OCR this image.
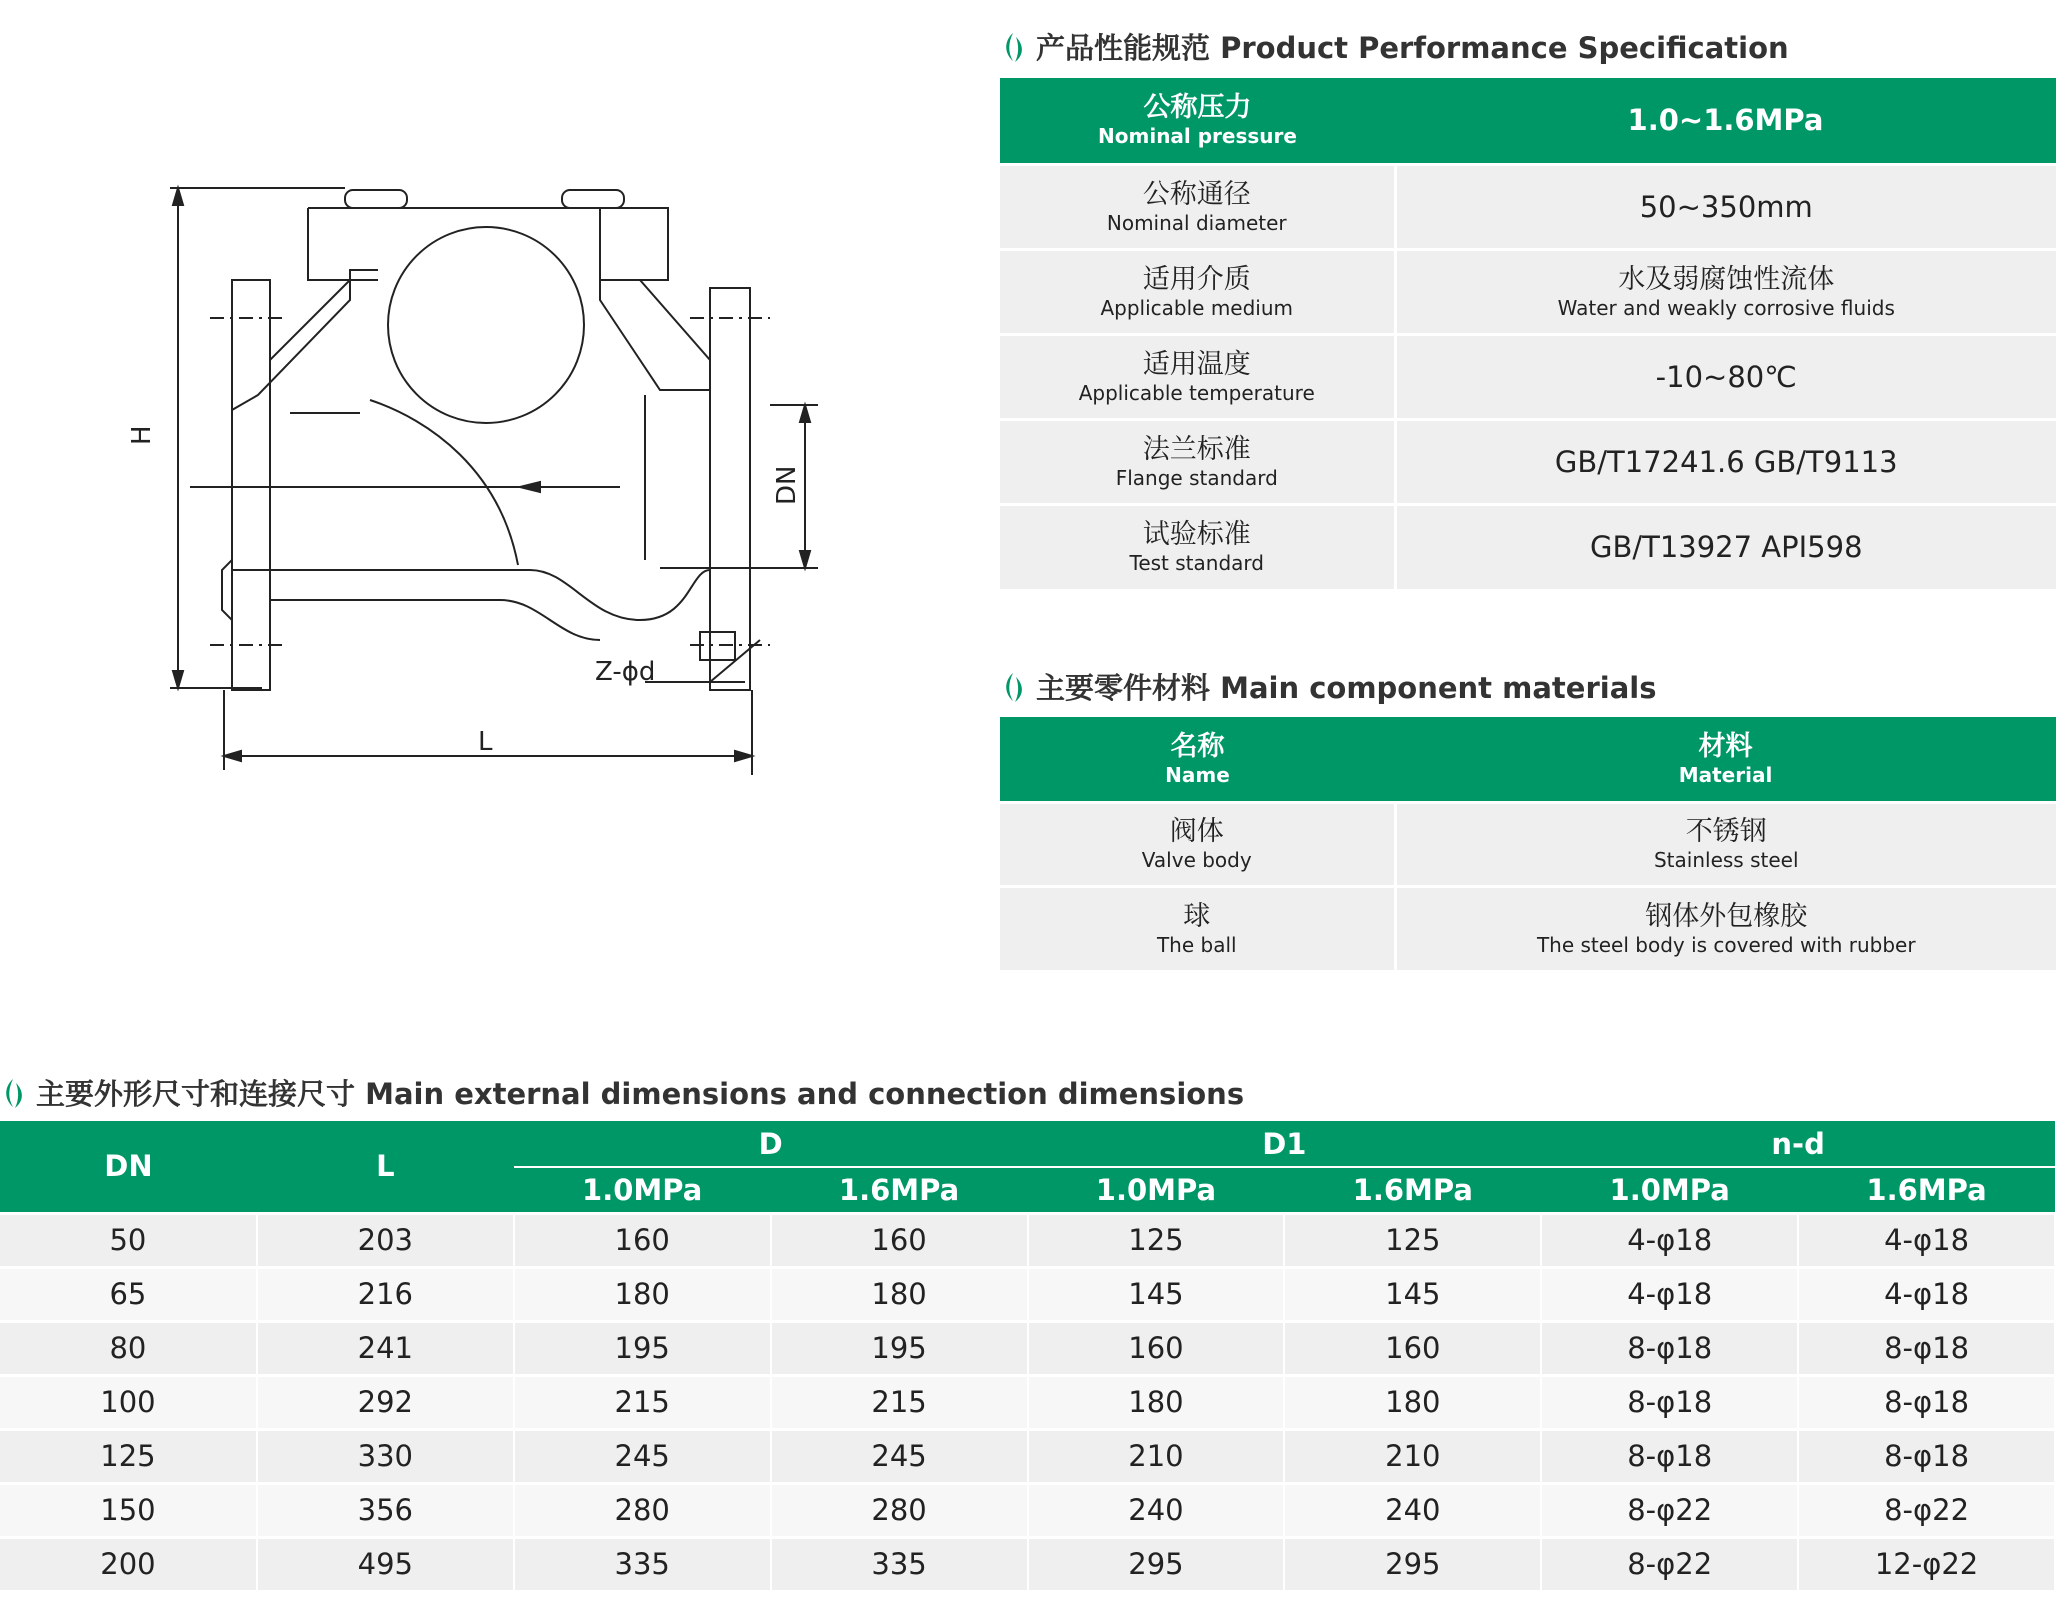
H
DN
L
Z-ϕd
产品性能规范 Product Performance Specification
公称压力
Nominal pressure	1.0~1.6MPa

公称通径
Nominal diameter	50~350mm

适用介质
Applicable medium	水及弱腐蚀性流体
Water and weakly corrosive fluids

适用温度
Applicable temperature	-10~80℃

法兰标准
Flange standard	GB/T17241.6 GB/T9113

试验标准
Test standard	GB/T13927 API598
主要零件材料 Main component materials
名称
Name	材料
Material

阀体
Valve body	不锈钢
Stainless steel

球
The ball	钢体外包橡胶
The steel body is covered with rubber
主要外形尺寸和连接尺寸 Main external dimensions and connection dimensions
DN	L	D		D1		n-d	
		1.0MPa	1.6MPa	1.0MPa	1.6MPa	1.0MPa	1.6MPa
50	203	160	160	125	125	4-φ18	4-φ18
65	216	180	180	145	145	4-φ18	4-φ18
80	241	195	195	160	160	8-φ18	8-φ18
100	292	215	215	180	180	8-φ18	8-φ18
125	330	245	245	210	210	8-φ18	8-φ18
150	356	280	280	240	240	8-φ22	8-φ22
200	495	335	335	295	295	8-φ22	12-φ22
